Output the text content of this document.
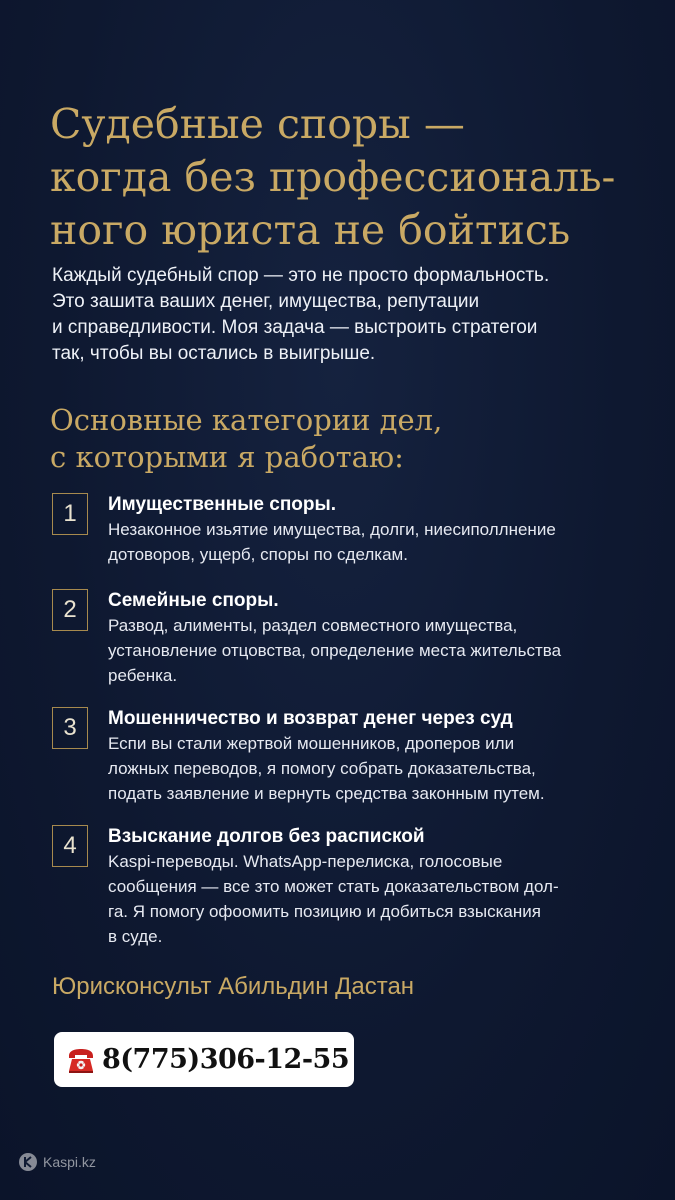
Судебные споры —
когда без профессиональ-
ного юриста не бойтись
Каждый судебный спор — это не просто формальность.
Это зашита ваших денег, имущества, репутации
и справедливости. Моя задача — выстроить стратегои
так, чтобы вы остались в выигрыше.
Основные категории дел,
с которыми я работаю:
1	Имущественные споры.
Незаконное изьятие имущества, долги, ниесиполлнение
дотоворов, ущерб, споры по сделкам.
2	Семейные споры.
Развод, алименты, раздел совместного имущества,
установление отцовства, определение места жительства
ребенка.
3	Мошенничество и возврат денег через суд
Еспи вы стали жертвой мошенников, дроперов или
ложных переводов, я помогу собрать доказательства,
подать заявление и вернуть средства законным путем.
4	Взыскание долгов без распиской
Kaspi-переводы. WhatsApp-перелиска, голосовые
сообщения — все зто может стать доказательством дол-
га. Я помогу офоомить позицию и добиться взыскания
в суде.
Юрисконсульт Абильдин Дастан
8(775)306-12-55
Kaspi.kz
